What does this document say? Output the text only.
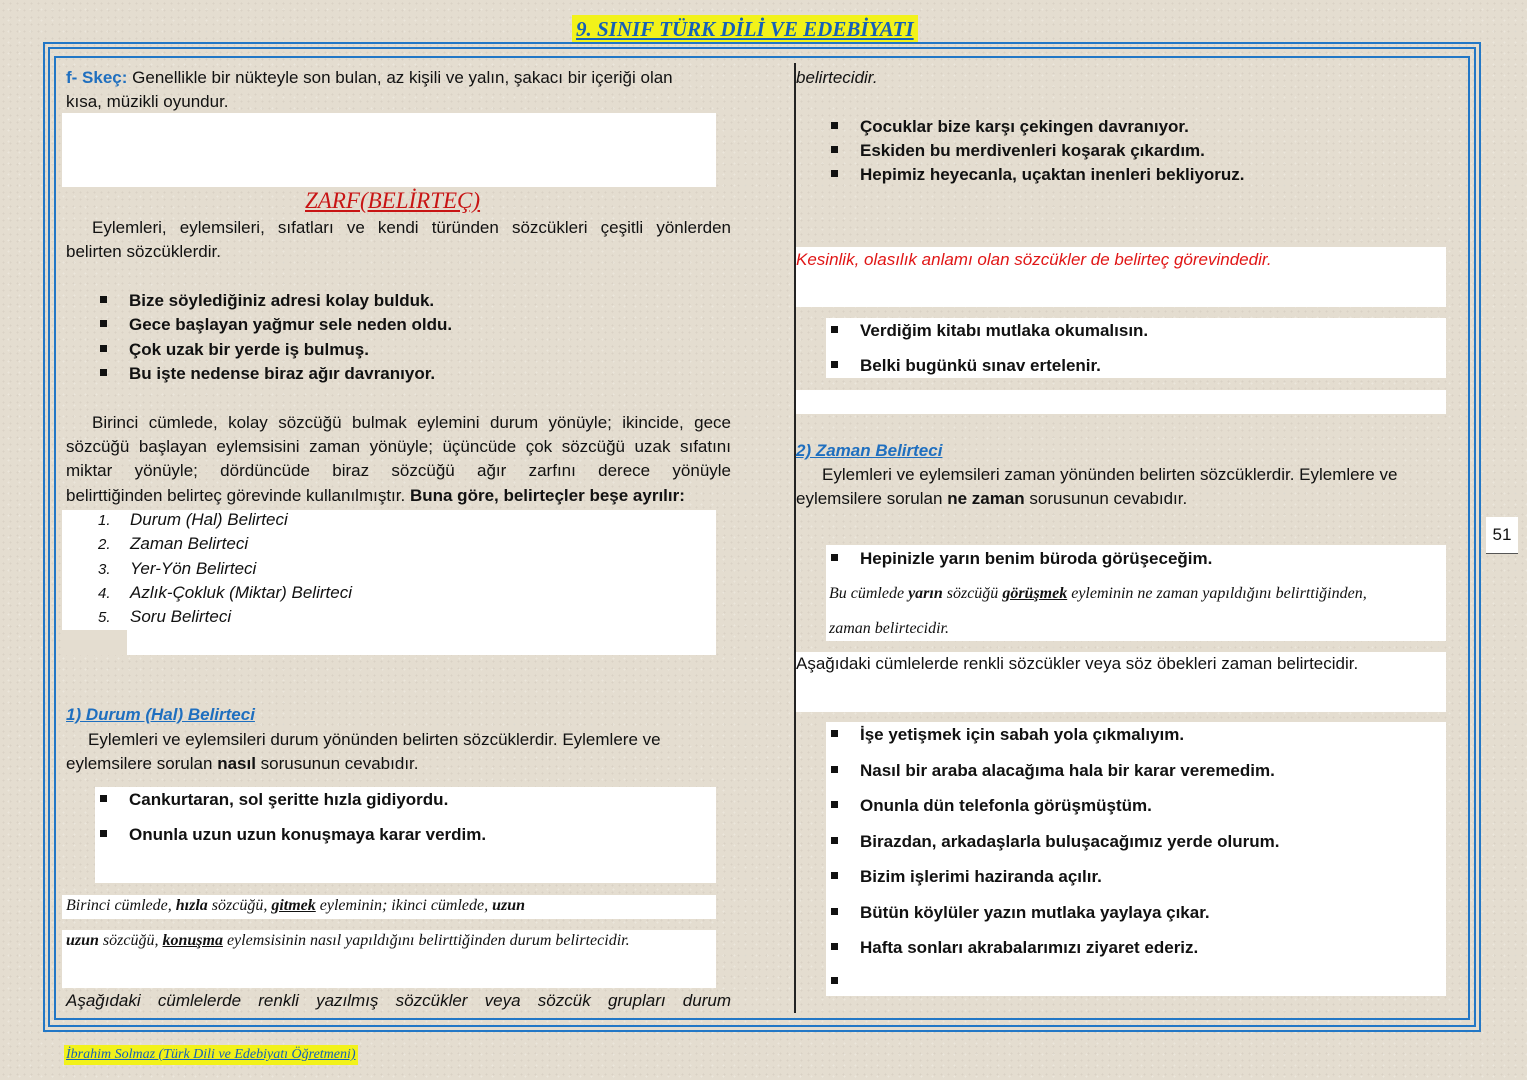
9. SINIF TÜRK DİLİ VE EDEBİYATI
f- Skeç: Genellikle bir nükteyle son bulan, az kişili ve yalın, şakacı bir içeriği olan
kısa, müzikli oyundur.
ZARF(BELİRTEÇ)
Eylemleri, eylemsileri, sıfatları ve kendi türünden sözcükleri çeşitli yönlerden
belirten sözcüklerdir.
Bize söylediğiniz adresi kolay bulduk.
Gece başlayan yağmur sele neden oldu.
Çok uzak bir yerde iş bulmuş.
Bu işte nedense biraz ağır davranıyor.
Birinci cümlede, kolay sözcüğü bulmak eylemini durum yönüyle; ikincide, gece
sözcüğü başlayan eylemsisini zaman yönüyle; üçüncüde çok sözcüğü uzak sıfatını
miktar yönüyle; dördüncüde biraz sözcüğü ağır zarfını derece yönüyle
belirttiğinden belirteç görevinde kullanılmıştır. Buna göre, belirteçler beşe ayrılır:
1. Durum (Hal) Belirteci
2. Zaman Belirteci
3. Yer-Yön Belirteci
4. Azlık-Çokluk (Miktar) Belirteci
5. Soru Belirteci
1) Durum (Hal) Belirteci
Eylemleri ve eylemsileri durum yönünden belirten sözcüklerdir. Eylemlere ve
eylemsilere sorulan nasıl sorusunun cevabıdır.
Cankurtaran, sol şeritte hızla gidiyordu.
Onunla uzun uzun konuşmaya karar verdim.
Birinci cümlede, hızla sözcüğü, gitmek eyleminin; ikinci cümlede, uzun
uzun sözcüğü, konuşma eylemsisinin nasıl yapıldığını belirttiğinden durum belirtecidir.
Aşağıdaki cümlelerde renkli yazılmış sözcükler veya sözcük grupları durum
belirtecidir.
Çocuklar bize karşı çekingen davranıyor.
Eskiden bu merdivenleri koşarak çıkardım.
Hepimiz heyecanla, uçaktan inenleri bekliyoruz.
Kesinlik, olasılık anlamı olan sözcükler de belirteç görevindedir.
Verdiğim kitabı mutlaka okumalısın.
Belki bugünkü sınav ertelenir.
2) Zaman Belirteci
Eylemleri ve eylemsileri zaman yönünden belirten sözcüklerdir. Eylemlere ve
eylemsilere sorulan ne zaman sorusunun cevabıdır.
Hepinizle yarın benim büroda görüşeceğim.
Bu cümlede yarın sözcüğü görüşmek eyleminin ne zaman yapıldığını belirttiğinden,
zaman belirtecidir.
Aşağıdaki cümlelerde renkli sözcükler veya söz öbekleri zaman belirtecidir.
İşe yetişmek için sabah yola çıkmalıyım.
Nasıl bir araba alacağıma hala bir karar veremedim.
Onunla dün telefonla görüşmüştüm.
Birazdan, arkadaşlarla buluşacağımız yerde olurum.
Bizim işlerimi haziranda açılır.
Bütün köylüler yazın mutlaka yaylaya çıkar.
Hafta sonları akrabalarımızı ziyaret ederiz.
51
İbrahim Solmaz (Türk Dili ve Edebiyatı Öğretmeni)
